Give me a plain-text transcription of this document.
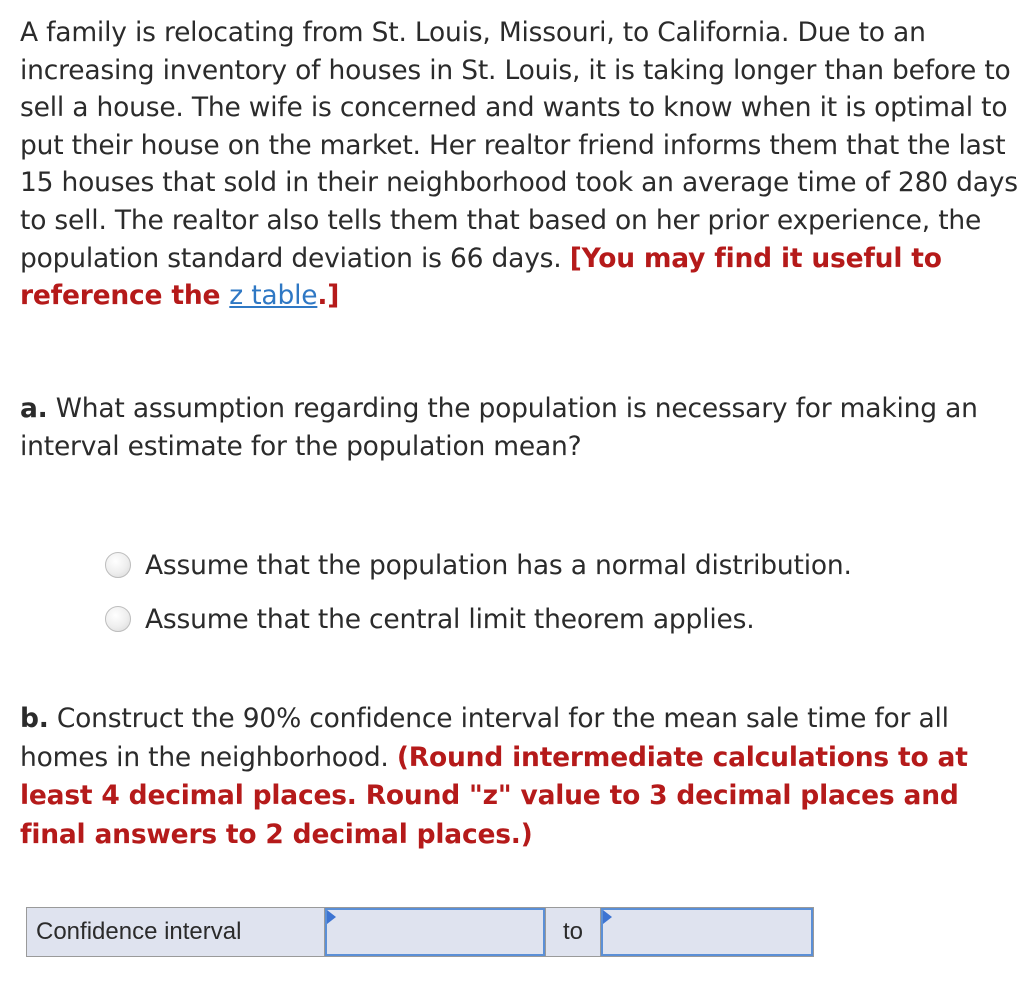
A family is relocating from St. Louis, Missouri, to California. Due to an increasing inventory of houses in St. Louis, it is taking longer than before to sell a house. The wife is concerned and wants to know when it is optimal to put their house on the market. Her realtor friend informs them that the last 15 houses that sold in their neighborhood took an average time of 280 days to sell. The realtor also tells them that based on her prior experience, the population standard deviation is 66 days. [You may find it useful to reference the z table.]

a. What assumption regarding the population is necessary for making an interval estimate for the population mean?

Assume that the population has a normal distribution.
Assume that the central limit theorem applies.

b. Construct the 90% confidence interval for the mean sale time for all homes in the neighborhood. (Round intermediate calculations to at least 4 decimal places. Round "z" value to 3 decimal places and final answers to 2 decimal places.)

Confidence interval	to
